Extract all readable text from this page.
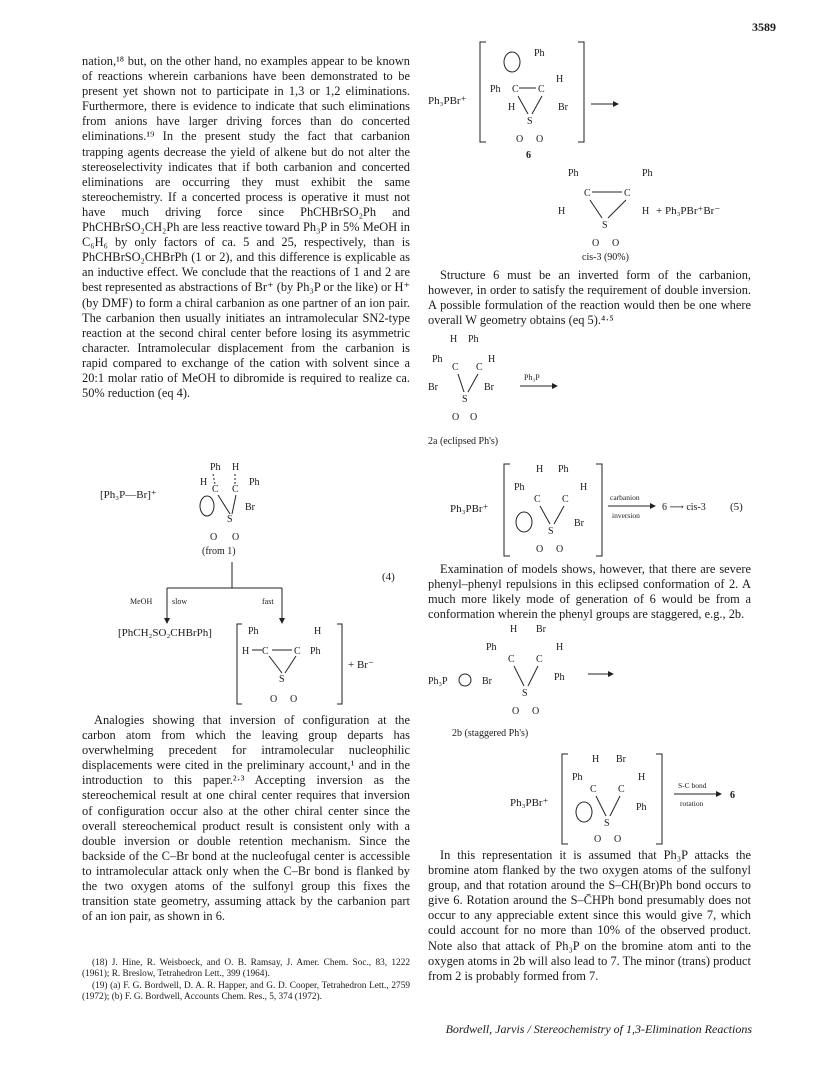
3589

nation,¹⁸ but, on the other hand, no examples appear to be known of reactions wherein carbanions have been demonstrated to be present yet shown not to participate in 1,3 or 1,2 eliminations. Furthermore, there is evidence to indicate that such eliminations from anions have larger driving forces than do concerted eliminations.¹⁹ In the present study the fact that carbanion trapping agents decrease the yield of alkene but do not alter the stereoselectivity indicates that if both carbanion and concerted eliminations are occurring they must exhibit the same stereochemistry. If a concerted process is operative it must not have much driving force since PhCHBrSO₂Ph and PhCHBrSO₂CH₂Ph are less reactive toward Ph₃P in 5% MeOH in C₆H₆ by only factors of ca. 5 and 25, respectively, than is PhCHBrSO₂CHBrPh (1 or 2), and this difference is explicable as an inductive effect. We conclude that the reactions of 1 and 2 are best represented as abstractions of Br⁺ (by Ph₃P or the like) or H⁺ (by DMF) to form a chiral carbanion as one partner of an ion pair. The carbanion then usually initiates an intramolecular SN2-type reaction at the second chiral center before losing its asymmetric character. Intramolecular displacement from the carbanion is rapid compared to exchange of the cation with solvent since a 20:1 molar ratio of MeOH to dibromide is required to realize ca. 50% reduction (eq 4).

[Ph₃P—Br]⁺
Ph H
H	Ph
C C
S
Br
O O
(from 1)
MeOH slow	fast
(4)
[PhCH₂SO₂CHBrPh]	Ph	H
H C	C Ph
S
O O
+ Br⁻

Analogies showing that inversion of configuration at the carbon atom from which the leaving group departs has overwhelming precedent for intramolecular nucleophilic displacements were cited in the preliminary account,¹ and in the introduction to this paper.²·³ Accepting inversion as the stereochemical result at one chiral center requires that inversion of configuration occur also at the other chiral center since the overall stereochemical product result is consistent only with a double inversion or double retention mechanism. Since the backside of the C–Br bond at the nucleofugal center is accessible to intramolecular attack only when the C–Br bond is flanked by the two oxygen atoms of the sulfonyl group this fixes the transition state geometry, assuming attack by the carbanion part of an ion pair, as shown in 6.

(18) J. Hine, R. Weisboeck, and O. B. Ramsay, J. Amer. Chem. Soc., 83, 1222 (1961); R. Breslow, Tetrahedron Lett., 399 (1964).

(19) (a) F. G. Bordwell, D. A. R. Happer, and G. D. Cooper, Tetrahedron Lett., 2759 (1972); (b) F. G. Bordwell, Accounts Chem. Res., 5, 374 (1972).

Ph₃PBr⁺
Ph
Ph C C
H
H	Br
S
O O
6
Ph	Ph
C	C
H	H
S
O O
+ Ph₃PBr⁺Br⁻
cis-3 (90%)

Structure 6 must be an inverted form of the carbanion, however, in order to satisfy the requirement of double inversion. A possible formulation of the reaction would then be one where overall W geometry obtains (eq 5).⁴·⁵

H Ph
Ph	H
C C
Br	Br
S
O O
Ph₃P
2a (eclipsed Ph's)
Ph₃PBr⁺
H Ph
Ph	H
C C
Br
S
O O
carbanion
inversion
6 ⟶ cis-3 (5)

Examination of models shows, however, that there are severe phenyl–phenyl repulsions in this eclipsed conformation of 2. A much more likely mode of generation of 6 would be from a conformation wherein the phenyl groups are staggered, e.g., 2b.

H Br
Ph	H
C C
Ph₃P	Br	Ph
S
O O
2b (staggered Ph's)
Ph₃PBr⁺
H Br
Ph	H
C C
Ph
S
O O
S-C bond
rotation
6

In this representation it is assumed that Ph₃P attacks the bromine atom flanked by the two oxygen atoms of the sulfonyl group, and that rotation around the S–CH(Br)Ph bond occurs to give 6. Rotation around the S–C̄HPh bond presumably does not occur to any appreciable extent since this would give 7, which could account for no more than 10% of the observed product. Note also that attack of Ph₃P on the bromine atom anti to the oxygen atoms in 2b will also lead to 7. The minor (trans) product from 2 is probably formed from 7.

Bordwell, Jarvis / Stereochemistry of 1,3-Elimination Reactions
